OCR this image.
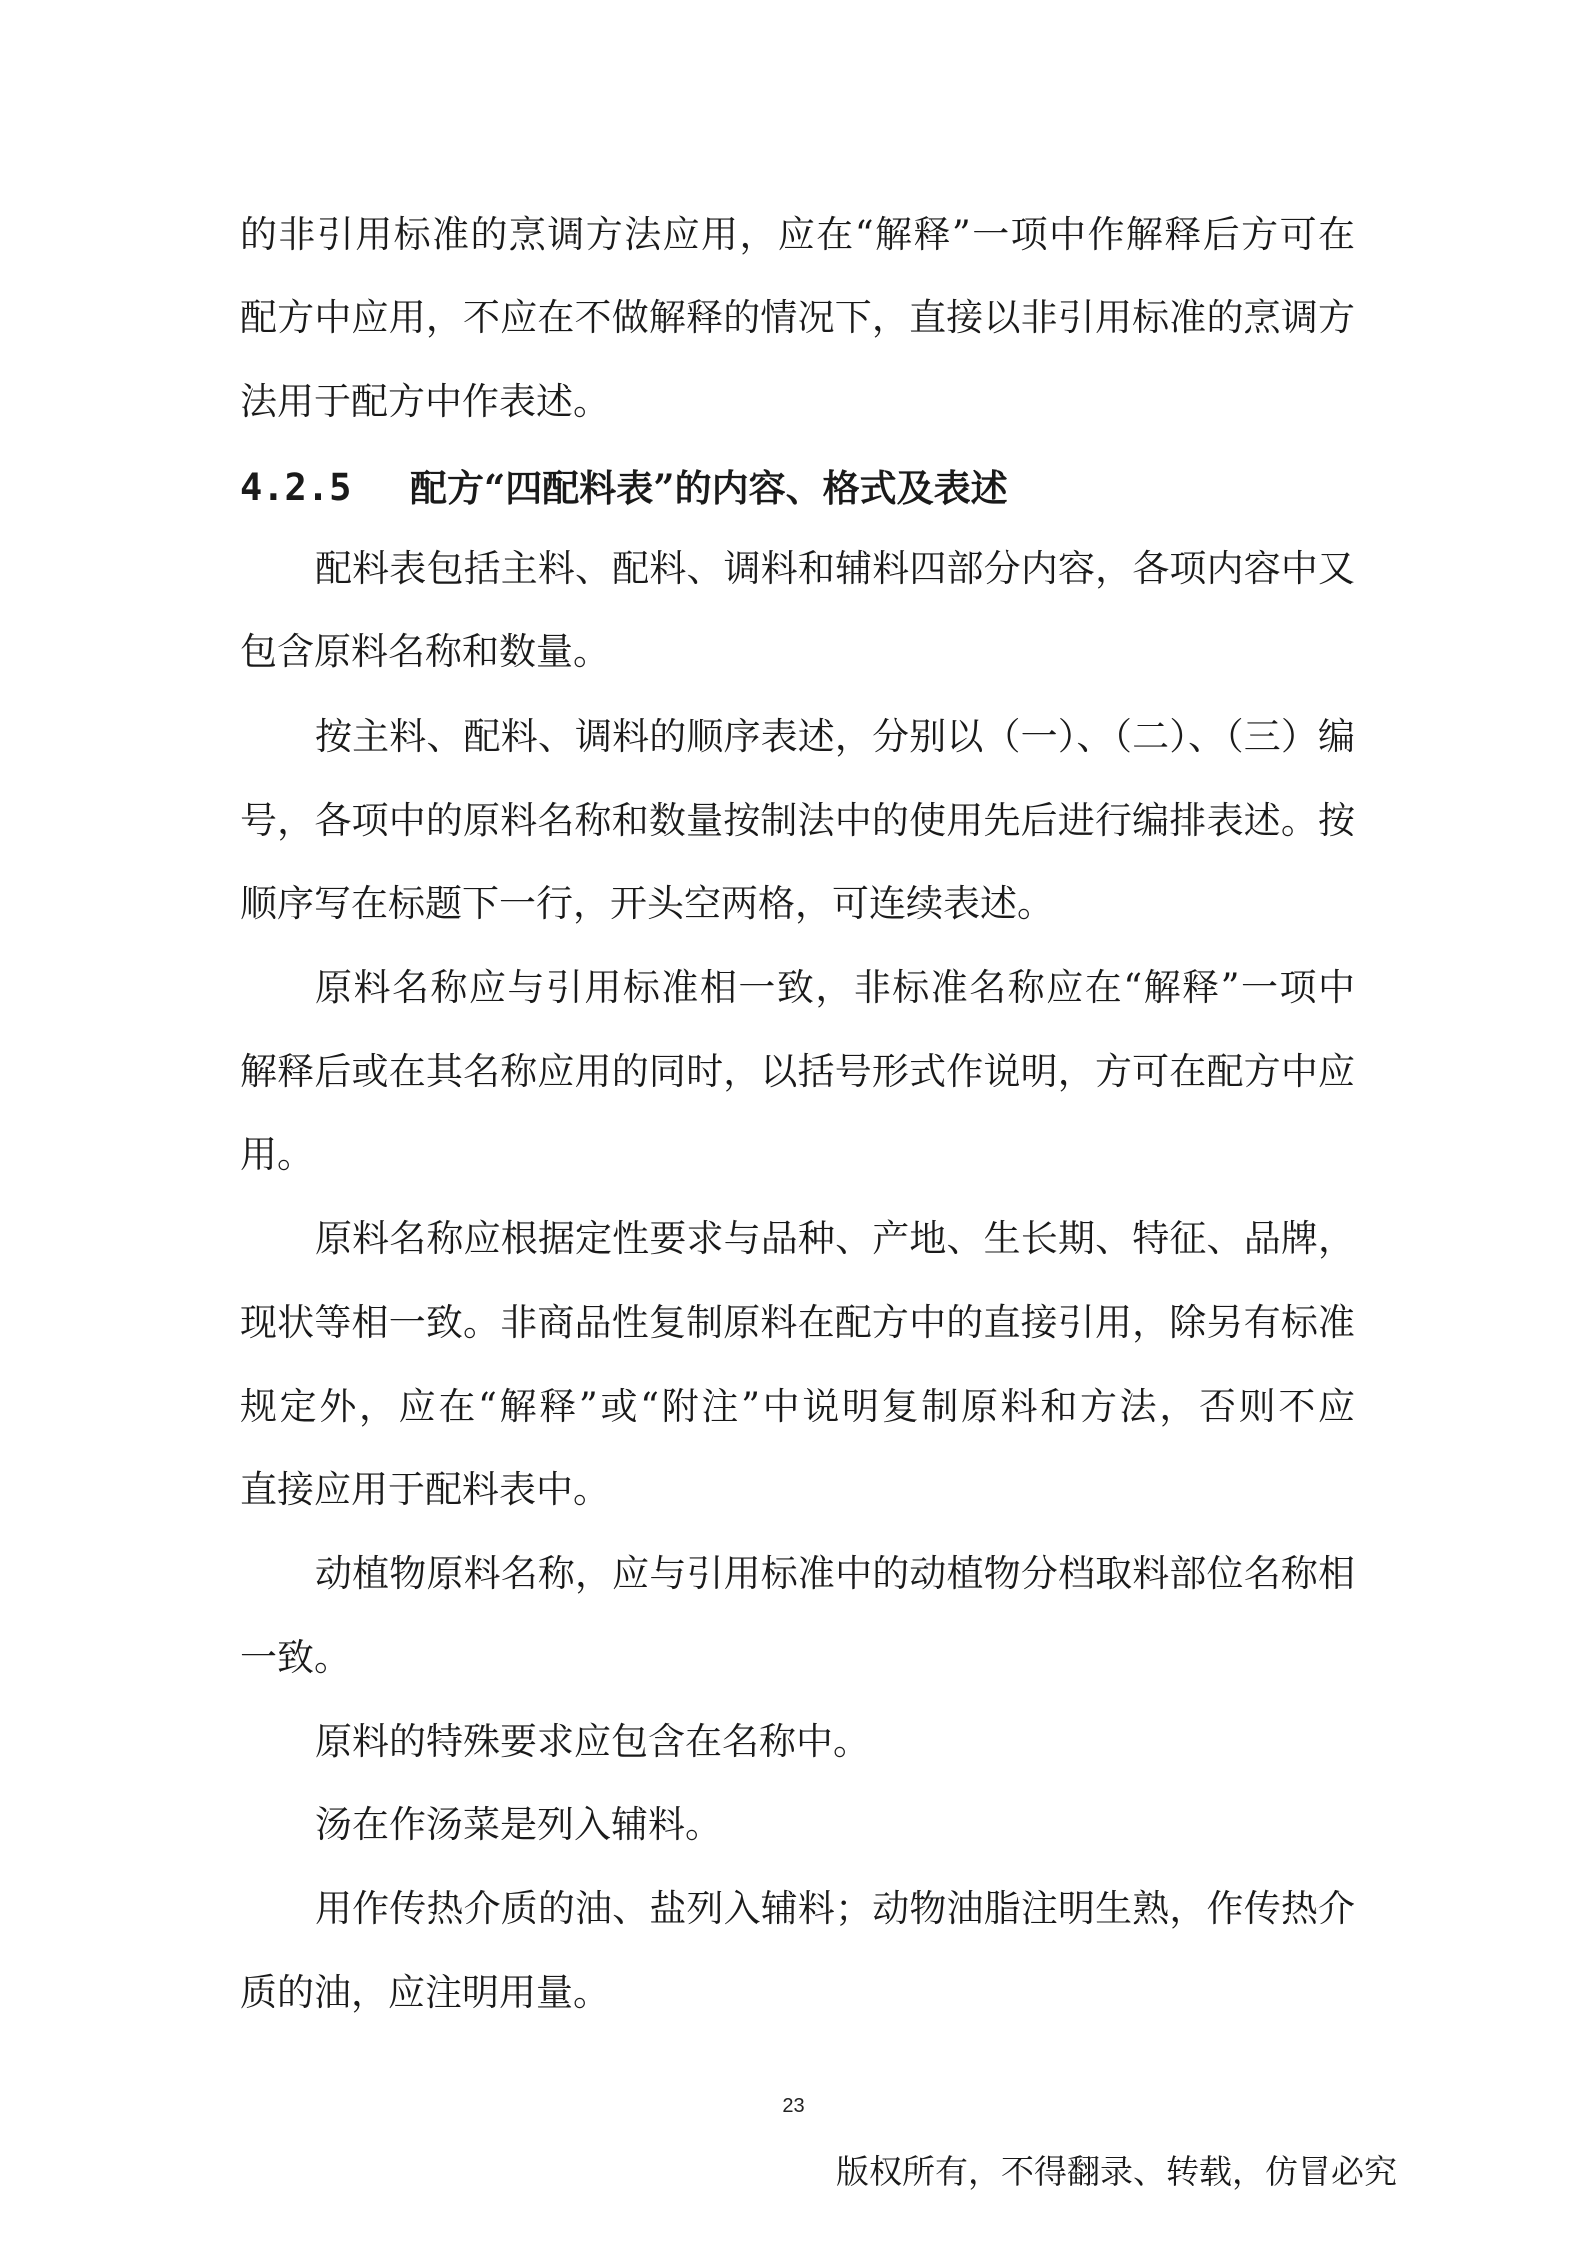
的非引用标准的烹调方法应用，应在“解释”一项中作解释后方可在
配方中应用，不应在不做解释的情况下，直接以非引用标准的烹调方
法用于配方中作表述。
4.2.5 配方“四配料表”的内容、格式及表述
配料表包括主料、配料、调料和辅料四部分内容，各项内容中又
包含原料名称和数量。
按主料、配料、调料的顺序表述，分别以（一）、（二）、（三）编
号，各项中的原料名称和数量按制法中的使用先后进行编排表述。按
顺序写在标题下一行，开头空两格，可连续表述。
原料名称应与引用标准相一致，非标准名称应在“解释”一项中
解释后或在其名称应用的同时，以括号形式作说明，方可在配方中应
用。
原料名称应根据定性要求与品种、产地、生长期、特征、品牌，
现状等相一致。非商品性复制原料在配方中的直接引用，除另有标准
规定外，应在“解释”或“附注”中说明复制原料和方法，否则不应
直接应用于配料表中。
动植物原料名称，应与引用标准中的动植物分档取料部位名称相
一致。
原料的特殊要求应包含在名称中。
汤在作汤菜是列入辅料。
用作传热介质的油、盐列入辅料；动物油脂注明生熟，作传热介
质的油，应注明用量。
23
版权所有，不得翻录、转载，仿冒必究
